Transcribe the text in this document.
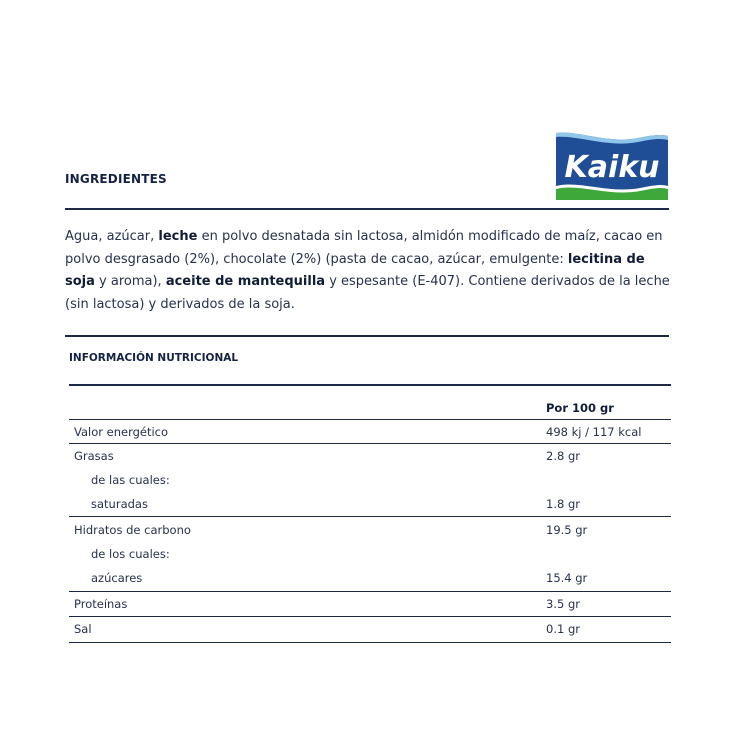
Kaiku
INGREDIENTES
Agua, azúcar, leche en polvo desnatada sin lactosa, almidón modificado de maíz, cacao en polvo desgrasado (2%), chocolate (2%) (pasta de cacao, azúcar, emulgente: lecitina de soja y aroma), aceite de mantequilla y espesante (E-407). Contiene derivados de la leche (sin lactosa) y derivados de la soja.
INFORMACIÓN NUTRICIONAL
Por 100 gr
Valor energético	498 kj / 117 kcal
Grasas	2.8 gr
de las cuales:
saturadas	1.8 gr
Hidratos de carbono	19.5 gr
de los cuales:
azúcares	15.4 gr
Proteínas	3.5 gr
Sal	0.1 gr
